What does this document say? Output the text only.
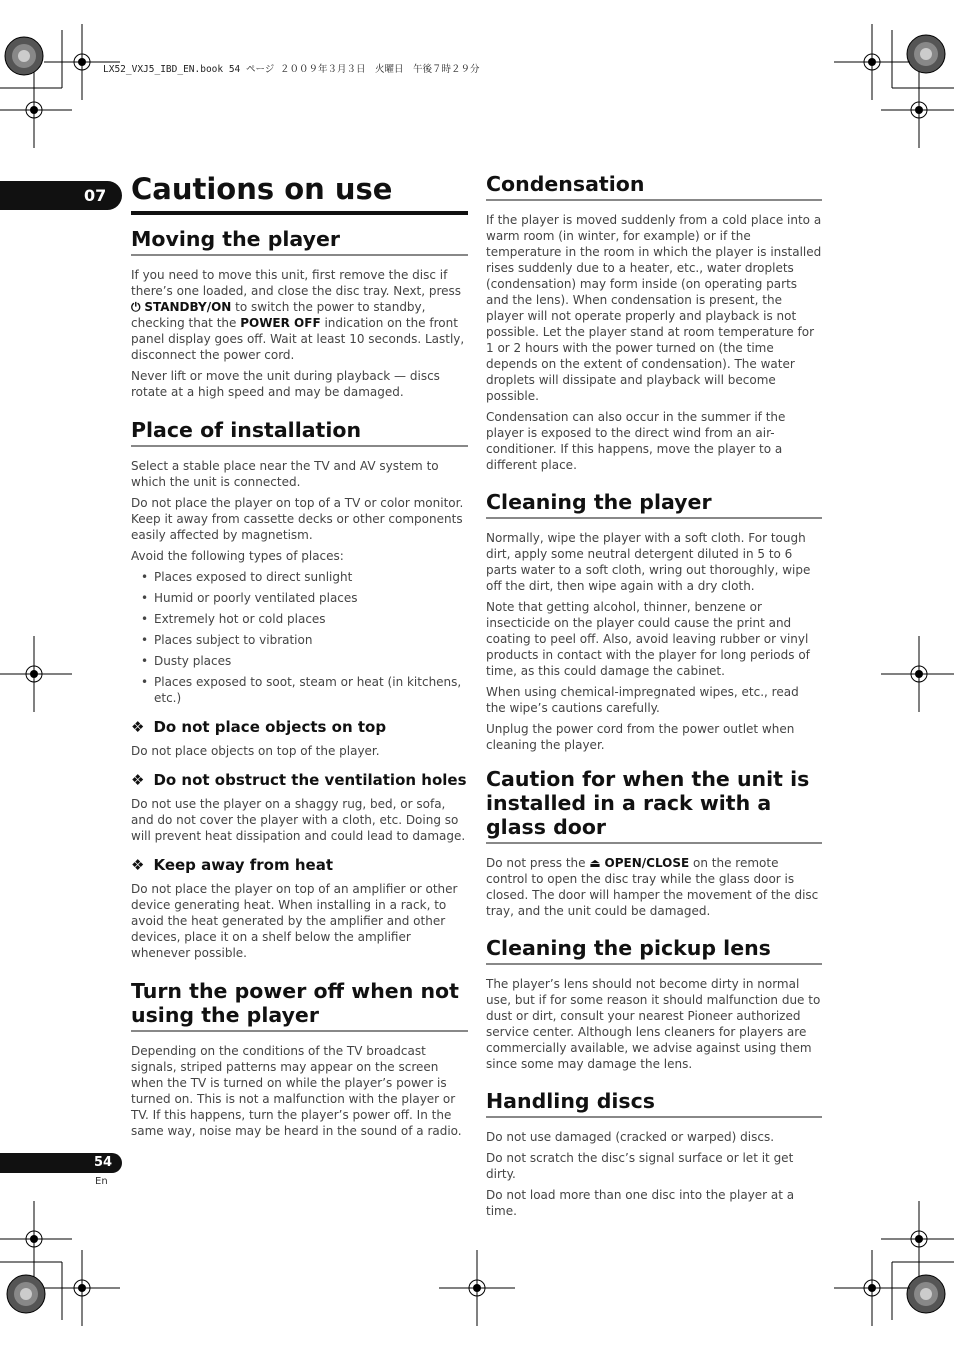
LX52_VXJ5_IBD_EN.book 54 ページ ２００９年３月３日　火曜日　午後７時２９分
07 Cautions on use
Moving the player

If you need to move this unit, first remove the disc if there’s one loaded, and close the disc tray. Next, press ⏻ STANDBY/ON to switch the power to standby, checking that the POWER OFF indication on the front panel display goes off. Wait at least 10 seconds. Lastly, disconnect the power cord.

Never lift or move the unit during playback — discs rotate at a high speed and may be damaged.

Place of installation

Select a stable place near the TV and AV system to which the unit is connected.

Do not place the player on top of a TV or color monitor. Keep it away from cassette decks or other components easily affected by magnetism.

Avoid the following types of places:

• Places exposed to direct sunlight
• Humid or poorly ventilated places
• Extremely hot or cold places
• Places subject to vibration
• Dusty places
• Places exposed to soot, steam or heat (in kitchens, etc.)
❖ Do not place objects on top

Do not place objects on top of the player.

❖ Do not obstruct the ventilation holes

Do not use the player on a shaggy rug, bed, or sofa, and do not cover the player with a cloth, etc. Doing so will prevent heat dissipation and could lead to damage.

❖ Keep away from heat

Do not place the player on top of an amplifier or other device generating heat. When installing in a rack, to avoid the heat generated by the amplifier and other devices, place it on a shelf below the amplifier whenever possible.

Turn the power off when not using the player

Depending on the conditions of the TV broadcast signals, striped patterns may appear on the screen when the TV is turned on while the player’s power is turned on. This is not a malfunction with the player or TV. If this happens, turn the player’s power off. In the same way, noise may be heard in the sound of a radio.

Condensation

If the player is moved suddenly from a cold place into a warm room (in winter, for example) or if the temperature in the room in which the player is installed rises suddenly due to a heater, etc., water droplets (condensation) may form inside (on operating parts and the lens). When condensation is present, the player will not operate properly and playback is not possible. Let the player stand at room temperature for 1 or 2 hours with the power turned on (the time depends on the extent of condensation). The water droplets will dissipate and playback will become possible.

Condensation can also occur in the summer if the player is exposed to the direct wind from an air-conditioner. If this happens, move the player to a different place.

Cleaning the player

Normally, wipe the player with a soft cloth. For tough dirt, apply some neutral detergent diluted in 5 to 6 parts water to a soft cloth, wring out thoroughly, wipe off the dirt, then wipe again with a dry cloth.

Note that getting alcohol, thinner, benzene or insecticide on the player could cause the print and coating to peel off. Also, avoid leaving rubber or vinyl products in contact with the player for long periods of time, as this could damage the cabinet.

When using chemical-impregnated wipes, etc., read the wipe’s cautions carefully.

Unplug the power cord from the power outlet when cleaning the player.

Caution for when the unit is installed in a rack with a glass door

Do not press the ⏏ OPEN/CLOSE on the remote control to open the disc tray while the glass door is closed. The door will hamper the movement of the disc tray, and the unit could be damaged.

Cleaning the pickup lens

The player’s lens should not become dirty in normal use, but if for some reason it should malfunction due to dust or dirt, consult your nearest Pioneer authorized service center. Although lens cleaners for players are commercially available, we advise against using them since some may damage the lens.

Handling discs

Do not use damaged (cracked or warped) discs.

Do not scratch the disc’s signal surface or let it get dirty.

Do not load more than one disc into the player at a time.

54
En
